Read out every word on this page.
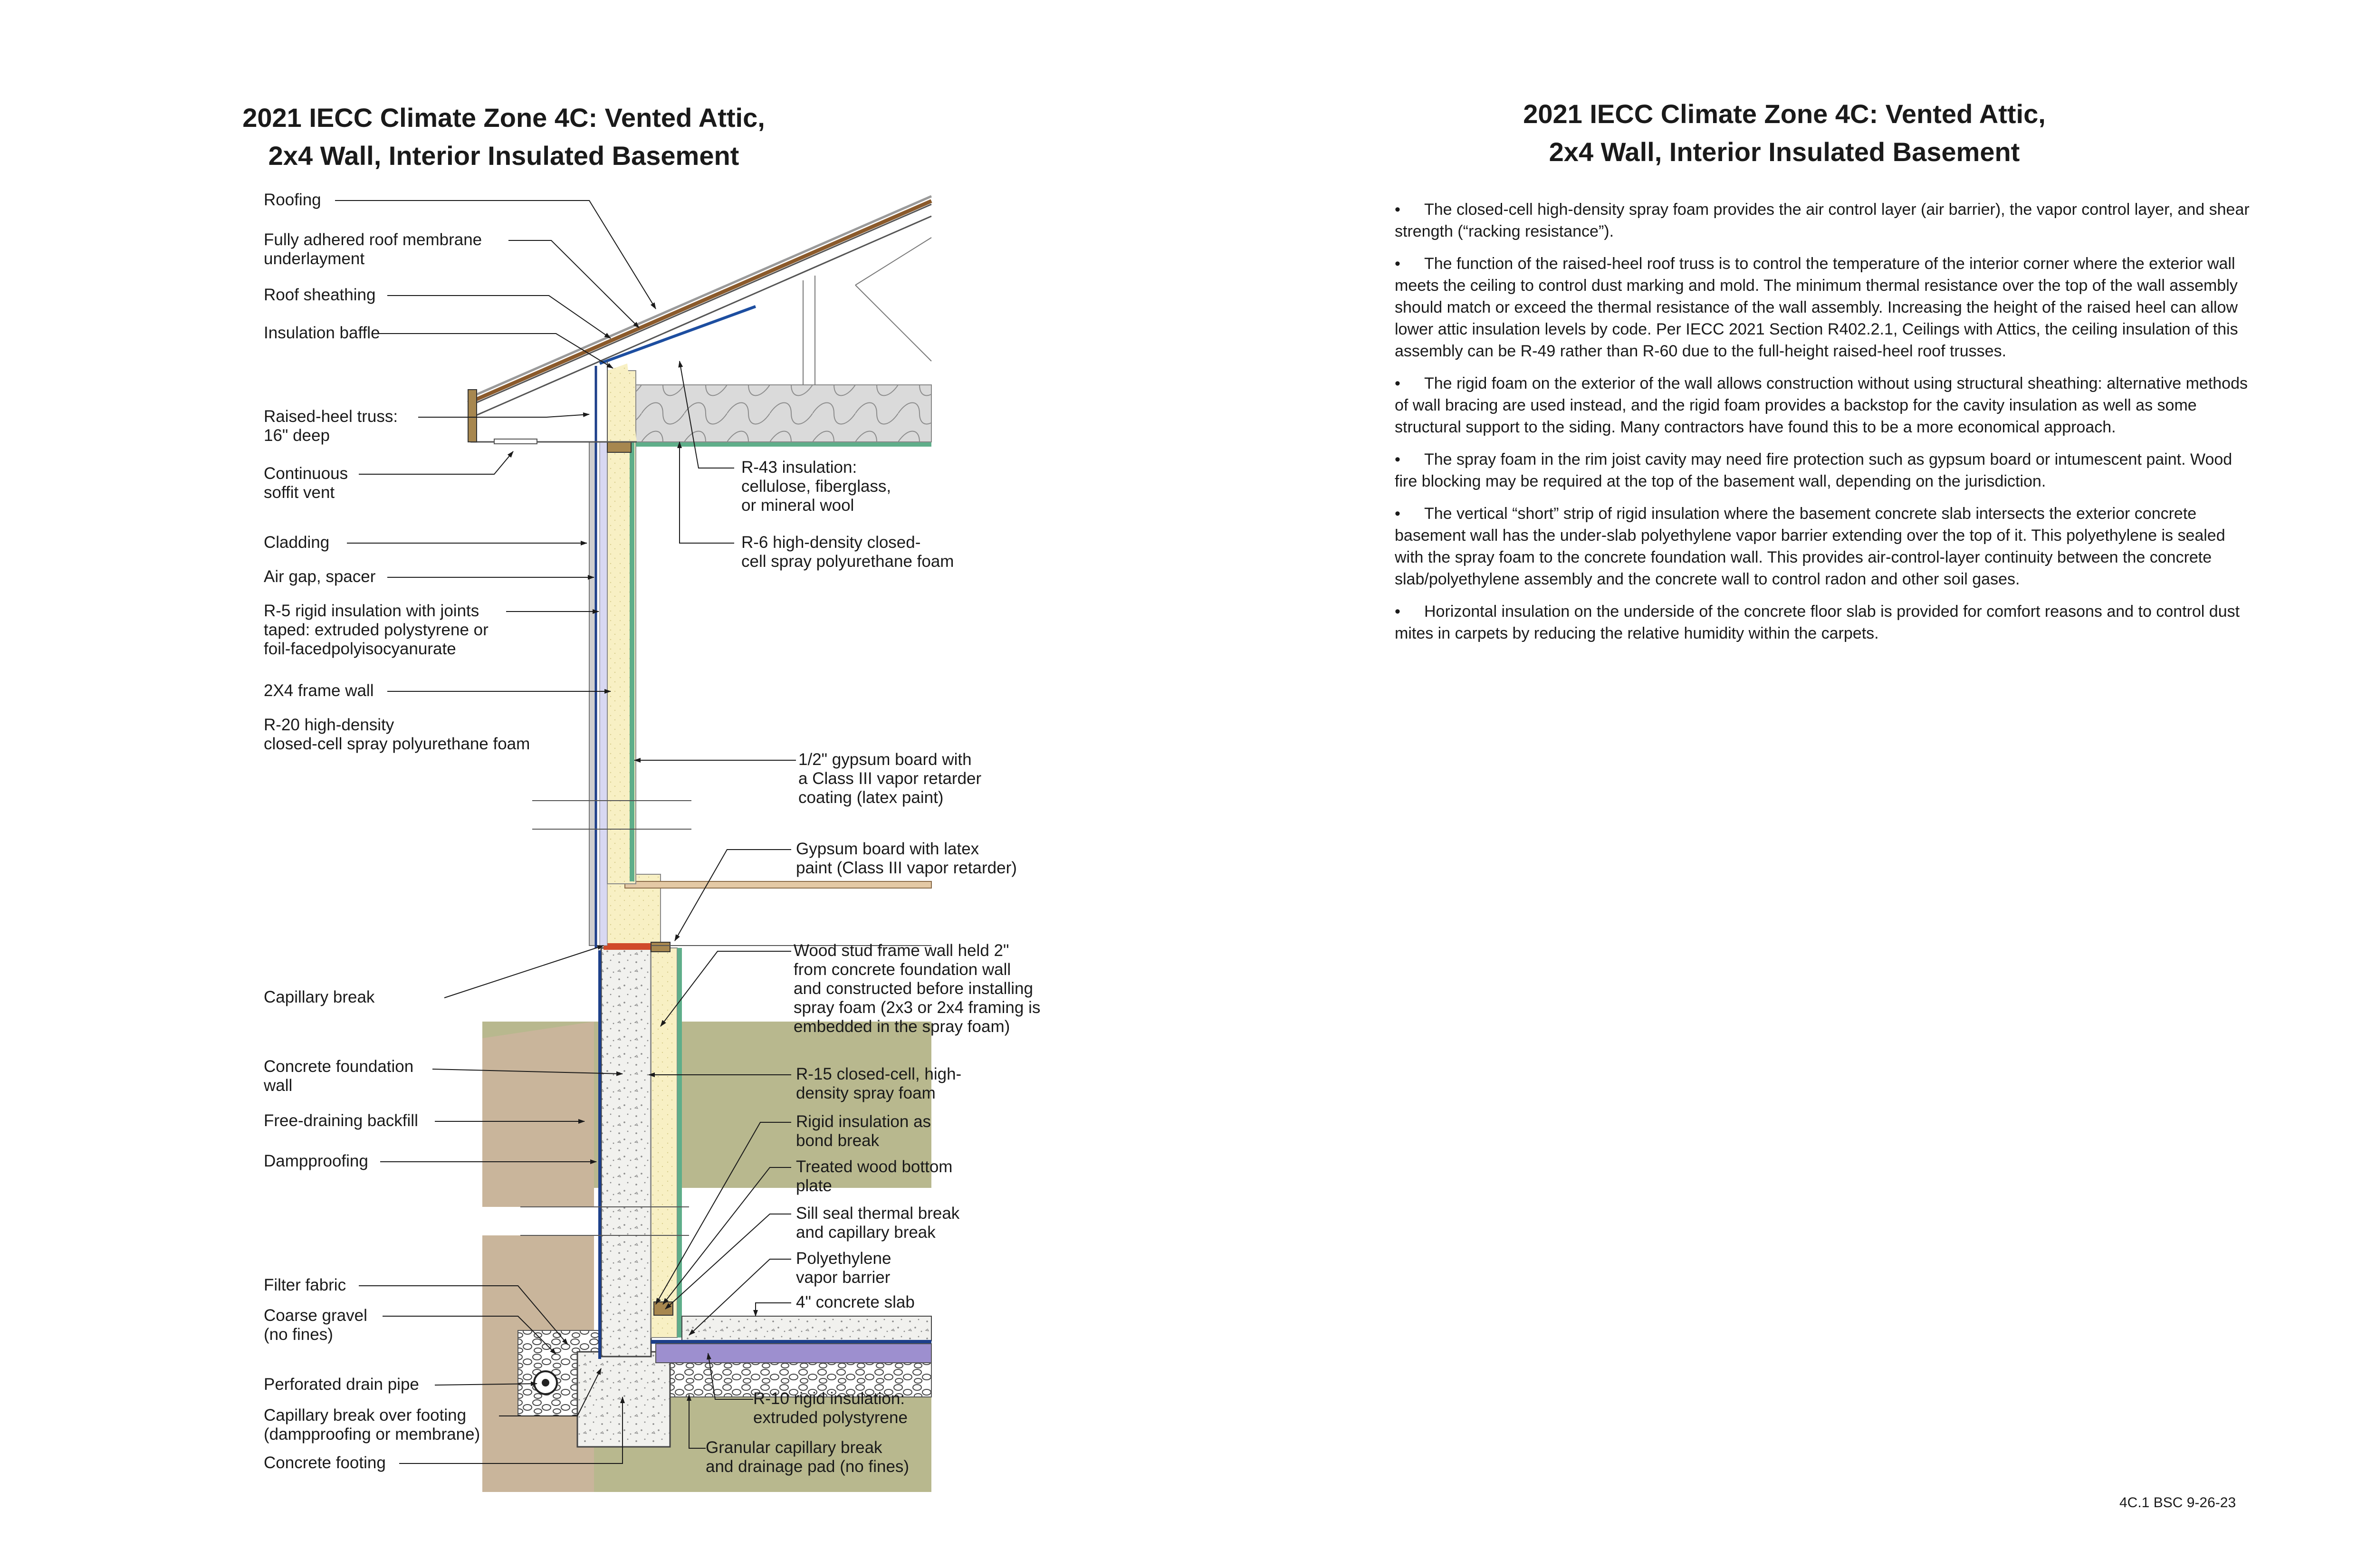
2021 IECC Climate Zone 4C: Vented Attic,
2x4 Wall, Interior Insulated Basement
Roofing
Fully adhered roof membrane underlayment
Roof sheathing
Insulation baffle
Raised-heel truss: 16" deep
Continuous soffit vent
Cladding
Air gap, spacer
R-5 rigid insulation with joints taped: extruded polystyrene or foil-facedpolyisocyanurate
2X4 frame wall
R-20 high-density closed-cell spray polyurethane foam
Capillary break
Concrete foundation wall
Free-draining backfill
Dampproofing
Filter fabric
Coarse gravel (no fines)
Perforated drain pipe
Capillary break over footing (dampproofing or membrane)
Concrete footing
R-43 insulation: cellulose, fiberglass, or mineral wool
R-6 high-density closed-cell spray polyurethane foam
1/2" gypsum board with a Class III vapor retarder coating (latex paint)
Gypsum board with latex paint (Class III vapor retarder)
Wood stud frame wall held 2" from concrete foundation wall and constructed before installing spray foam (2x3 or 2x4 framing is embedded in the spray foam)
R-15 closed-cell, high-density spray foam
Rigid insulation as bond break
Treated wood bottom plate
Sill seal thermal break and capillary break
Polyethylene vapor barrier
4" concrete slab
R-10 rigid insulation: extruded polystyrene
Granular capillary break and drainage pad (no fines)
2021 IECC Climate Zone 4C: Vented Attic,
2x4 Wall, Interior Insulated Basement

• The closed-cell high-density spray foam provides the air control layer (air barrier), the vapor control layer, and shear strength (“racking resistance”).

• The function of the raised-heel roof truss is to control the temperature of the interior corner where the exterior wall meets the ceiling to control dust marking and mold. The minimum thermal resistance over the top of the wall assembly should match or exceed the thermal resistance of the wall assembly. Increasing the height of the raised heel can allow lower attic insulation levels by code. Per IECC 2021 Section R402.2.1, Ceilings with Attics, the ceiling insulation of this assembly can be R-49 rather than R-60 due to the full-height raised-heel roof trusses.

• The rigid foam on the exterior of the wall allows construction without using structural sheathing: alternative methods of wall bracing are used instead, and the rigid foam provides a backstop for the cavity insulation as well as some structural support to the siding. Many contractors have found this to be a more economical approach.

• The spray foam in the rim joist cavity may need fire protection such as gypsum board or intumescent paint. Wood fire blocking may be required at the top of the basement wall, depending on the jurisdiction.

• The vertical “short” strip of rigid insulation where the basement concrete slab intersects the exterior concrete basement wall has the under-slab polyethylene vapor barrier extending over the top of it. This polyethylene is sealed with the spray foam to the concrete foundation wall. This provides air-control-layer continuity between the concrete slab/polyethylene assembly and the concrete wall to control radon and other soil gases.

• Horizontal insulation on the underside of the concrete floor slab is provided for comfort reasons and to control dust mites in carpets by reducing the relative humidity within the carpets.

4C.1 BSC 9-26-23
